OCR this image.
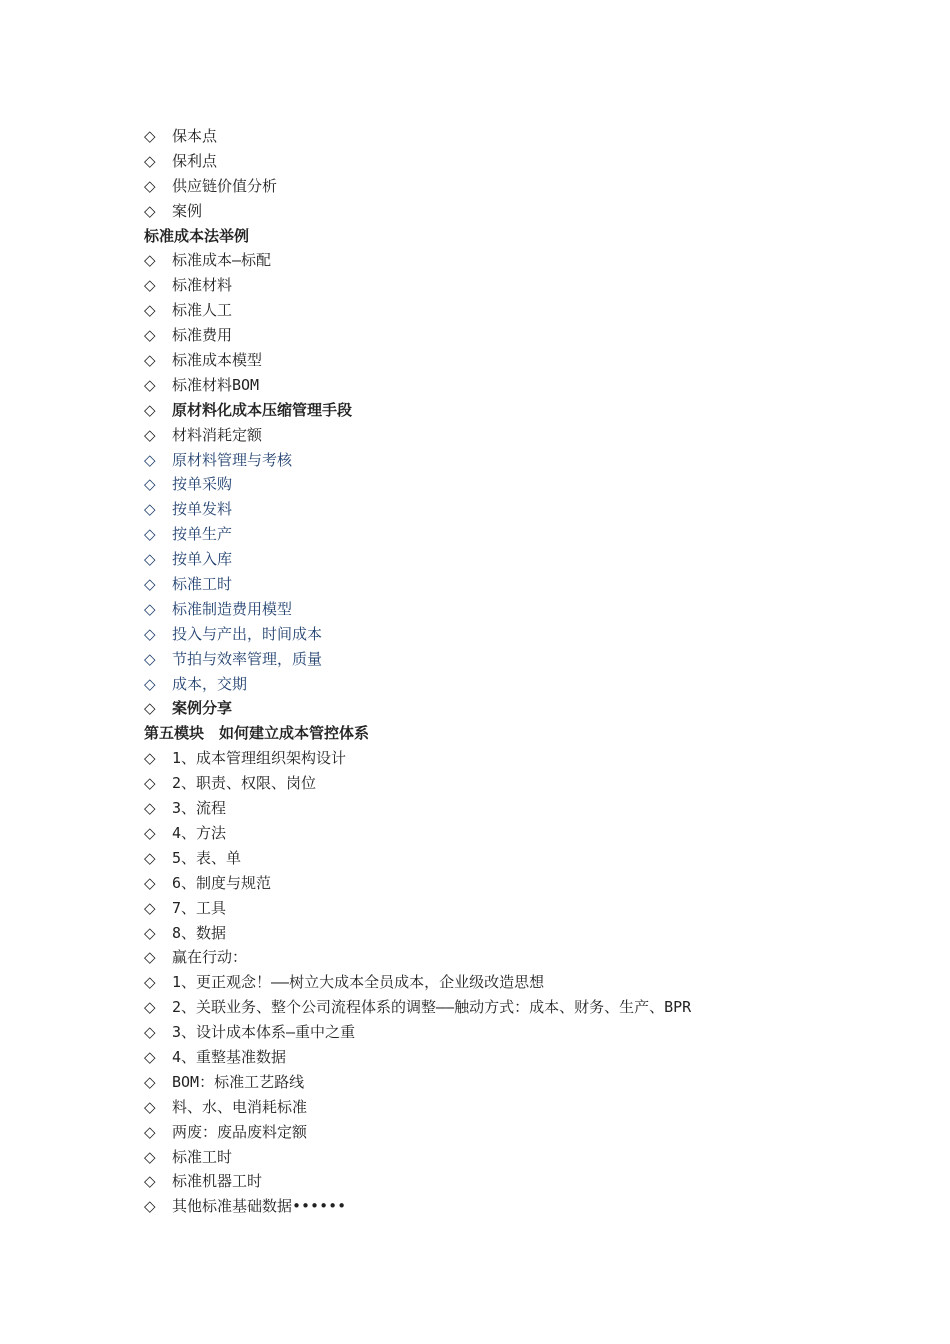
◇ 保本点
◇ 保利点
◇ 供应链价值分析
◇ 案例
标准成本法举例
◇ 标准成本—标配
◇ 标准材料
◇ 标准人工
◇ 标准费用
◇ 标准成本模型
◇ 标准材料BOM
◇ 原材料化成本压缩管理手段
◇ 材料消耗定额
◇ 原材料管理与考核
◇ 按单采购
◇ 按单发料
◇ 按单生产
◇ 按单入库
◇ 标准工时
◇ 标准制造费用模型
◇ 投入与产出，时间成本
◇ 节拍与效率管理，质量
◇ 成本，交期
◇ 案例分享
第五模块　如何建立成本管控体系
◇ 1、成本管理组织架构设计
◇ 2、职责、权限、岗位
◇ 3、流程
◇ 4、方法
◇ 5、表、单
◇ 6、制度与规范
◇ 7、工具
◇ 8、数据
◇ 赢在行动：
◇ 1、更正观念！——树立大成本全员成本，企业级改造思想
◇ 2、关联业务、整个公司流程体系的调整——触动方式：成本、财务、生产、BPR
◇ 3、设计成本体系—重中之重
◇ 4、重整基准数据
◇ BOM：标准工艺路线
◇ 料、水、电消耗标准
◇ 两废：废品废料定额
◇ 标准工时
◇ 标准机器工时
◇ 其他标准基础数据••••••
